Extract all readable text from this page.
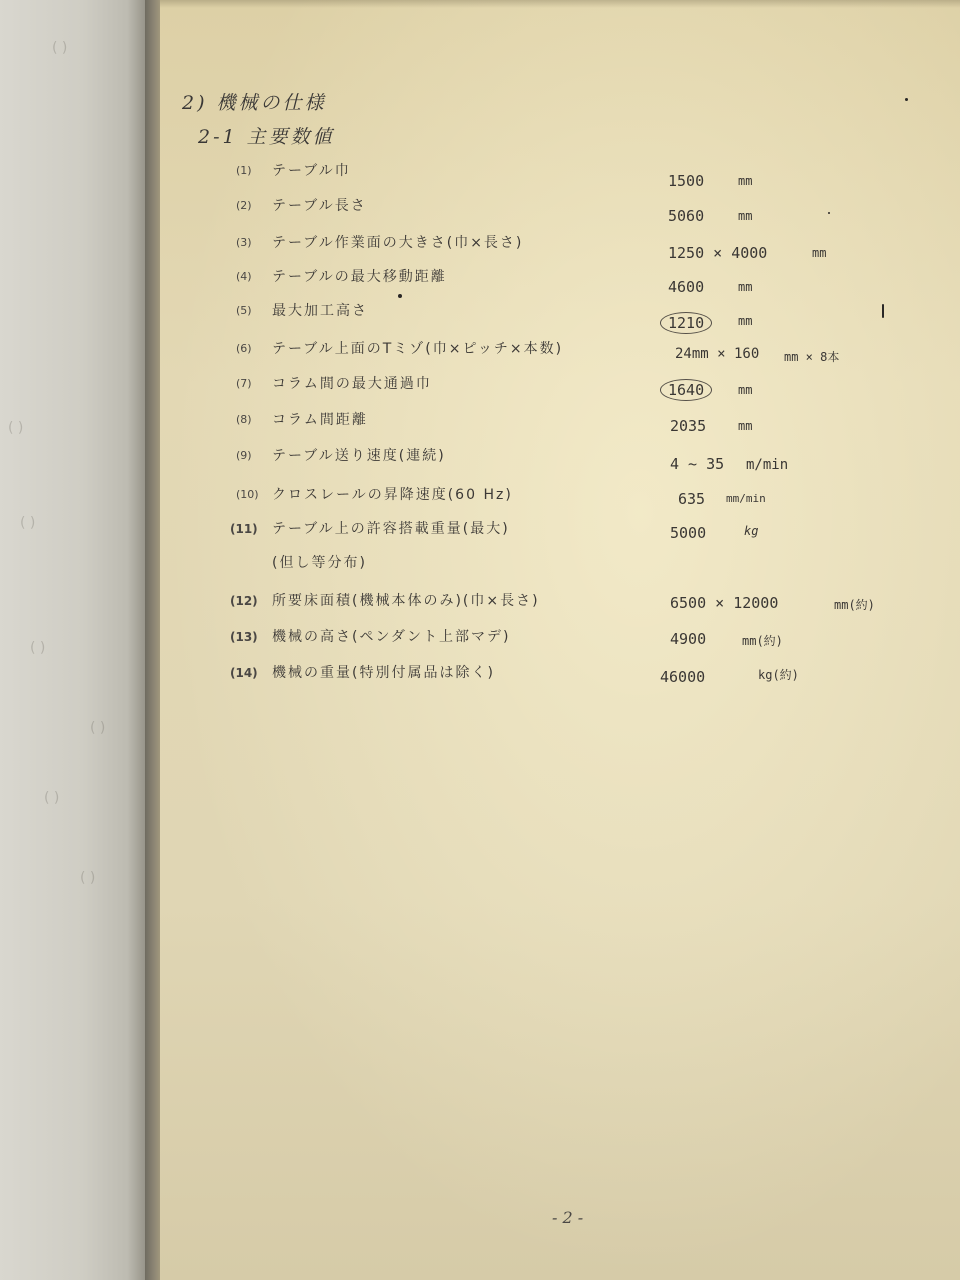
( )
( )
( )
( )
( )
( )
( )
2) 機械の仕様
2-1 主要数値
(1) テーブル巾
1500	mm
(2) テーブル長さ
5060	mm
(3) テーブル作業面の大きさ(巾×長さ)
1250 × 4000	mm
(4) テーブルの最大移動距離
4600	mm
(5) 最大加工高さ
1210	mm
(6) テーブル上面のTミゾ(巾×ピッチ×本数)	24mm × 160 mm × 8本
(7) コラム間の最大通過巾	1640	mm
(8) コラム間距離	2035	mm
(9) テーブル送り速度(連続)	4 ~ 35 m/min
(10) クロスレールの昇降速度(60 Hz)	635 mm/min
(11) テーブル上の許容搭載重量(最大)	5000	kg
(但し等分布)
(12) 所要床面積(機械本体のみ)(巾×長さ)	6500 × 12000	mm(約)
(13) 機械の高さ(ペンダント上部マデ)	4900	mm(約)
(14) 機械の重量(特別付属品は除く)	46000	kg(約)
- 2 -
